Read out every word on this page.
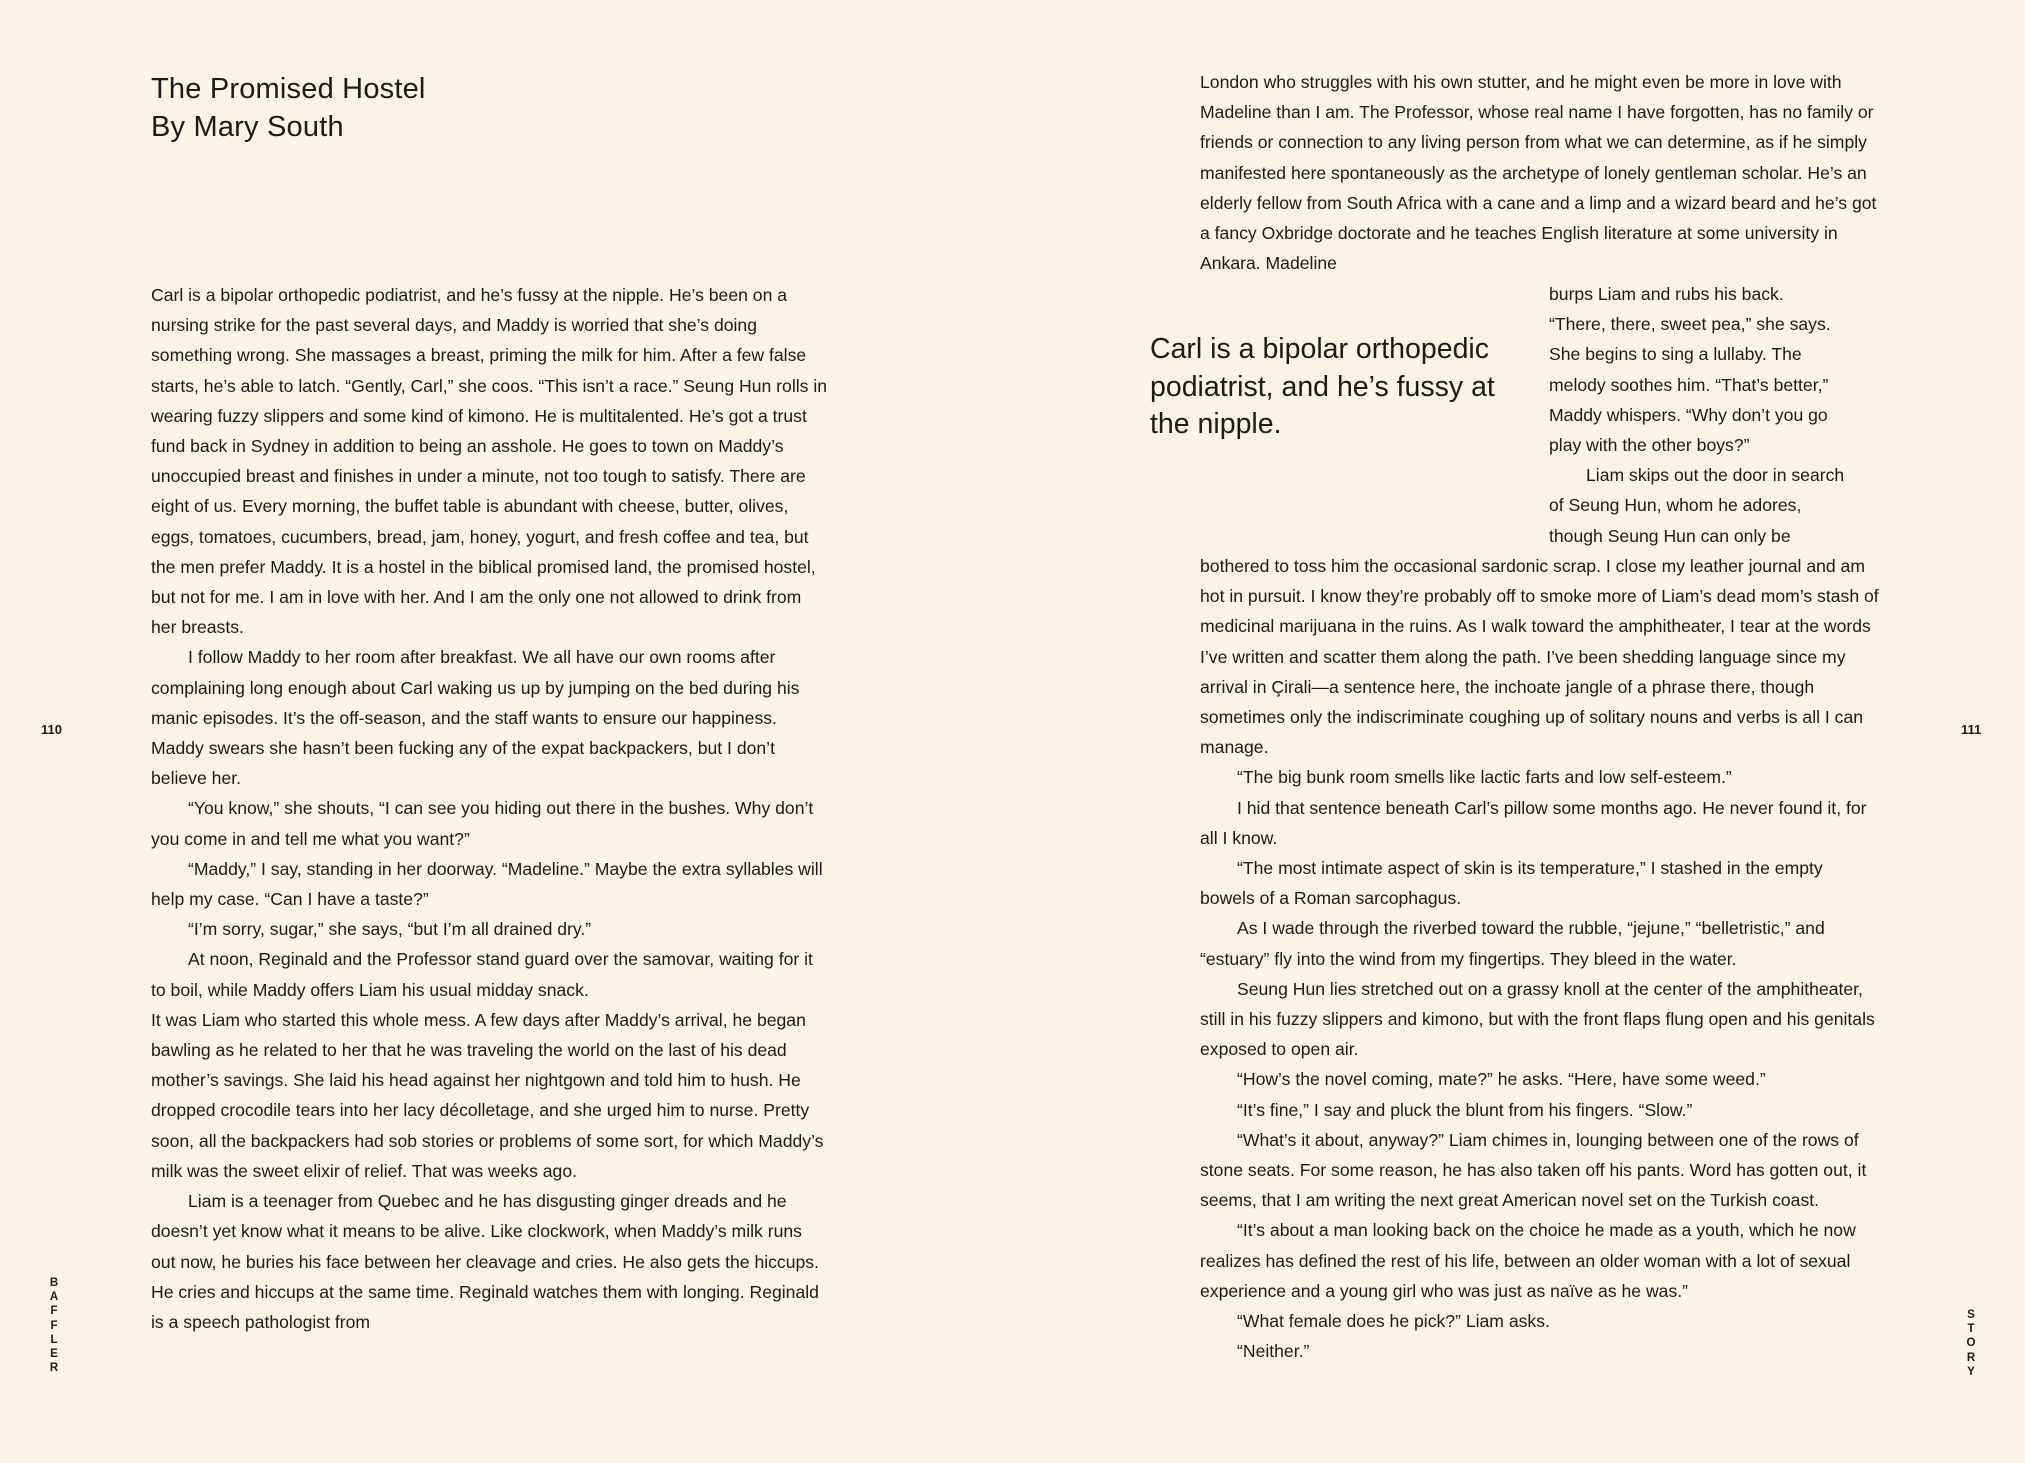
The Promised Hostel
By Mary South

Carl is a bipolar orthopedic podiatrist, and he’s fussy at the nipple. He’s been on a nursing strike for the past several days, and Maddy is worried that she’s doing something wrong. She massages a breast, priming the milk for him. After a few false starts, he’s able to latch. “Gently, Carl,” she coos. “This isn’t a race.” Seung Hun rolls in wearing fuzzy slippers and some kind of kimono. He is multitalented. He’s got a trust fund back in Sydney in addition to being an asshole. He goes to town on Maddy’s unoccupied breast and finishes in under a minute, not too tough to satisfy. There are eight of us. Every morning, the buffet table is abundant with cheese, butter, olives, eggs, tomatoes, cucumbers, bread, jam, honey, yogurt, and fresh coffee and tea, but the men prefer Maddy. It is a hostel in the biblical promised land, the promised hostel, but not for me. I am in love with her. And I am the only one not allowed to drink from her breasts.

I follow Maddy to her room after breakfast. We all have our own rooms after complaining long enough about Carl waking us up by jumping on the bed during his manic episodes. It’s the off-season, and the staff wants to ensure our happiness. Maddy swears she hasn’t been fucking any of the expat backpackers, but I don’t believe her.

“You know,” she shouts, “I can see you hiding out there in the bushes. Why don’t you come in and tell me what you want?”

“Maddy,” I say, standing in her doorway. “Madeline.” Maybe the extra syllables will help my case. “Can I have a taste?”

“I’m sorry, sugar,” she says, “but I’m all drained dry.”

At noon, Reginald and the Professor stand guard over the samovar, waiting for it to boil, while Maddy offers Liam his usual midday snack.

It was Liam who started this whole mess. A few days after Maddy’s arrival, he began bawling as he related to her that he was traveling the world on the last of his dead mother’s savings. She laid his head against her nightgown and told him to hush. He dropped crocodile tears into her lacy décolletage, and she urged him to nurse. Pretty soon, all the backpackers had sob stories or problems of some sort, for which Maddy’s milk was the sweet elixir of relief. That was weeks ago.

Liam is a teenager from Quebec and he has disgusting ginger dreads and he doesn’t yet know what it means to be alive. Like clockwork, when Maddy’s milk runs out now, he buries his face between her cleavage and cries. He also gets the hiccups. He cries and hiccups at the same time. Reginald watches them with longing. Reginald is a speech pathologist from

110
B
A
F
F
L
E
R

London who struggles with his own stutter, and he might even be more in love with Madeline than I am. The Professor, whose real name I have forgotten, has no family or friends or connection to any living person from what we can determine, as if he simply manifested here spontaneously as the archetype of lonely gentleman scholar. He’s an elderly fellow from South Africa with a cane and a limp and a wizard beard and he’s got a fancy Oxbridge doctorate and he teaches English literature at some university in Ankara. Madeline

Carl is a bipolar orthopedic podiatrist, and he’s fussy at the nipple.
burps Liam and rubs his back.
“There, there, sweet pea,” she says.
She begins to sing a lullaby. The
melody soothes him. “That’s better,”
Maddy whispers. “Why don’t you go
play with the other boys?”
Liam skips out the door in search
of Seung Hun, whom he adores,
though Seung Hun can only be

bothered to toss him the occasional sardonic scrap. I close my leather journal and am hot in pursuit. I know they’re probably off to smoke more of Liam’s dead mom’s stash of medicinal marijuana in the ruins. As I walk toward the amphitheater, I tear at the words I’ve written and scatter them along the path. I’ve been shedding language since my arrival in Çirali—a sentence here, the inchoate jangle of a phrase there, though sometimes only the indiscriminate coughing up of solitary nouns and verbs is all I can manage.

“The big bunk room smells like lactic farts and low self-esteem.”

I hid that sentence beneath Carl’s pillow some months ago. He never found it, for all I know.

“The most intimate aspect of skin is its temperature,” I stashed in the empty bowels of a Roman sarcophagus.

As I wade through the riverbed toward the rubble, “jejune,” “belletristic,” and “estuary” fly into the wind from my fingertips. They bleed in the water.

Seung Hun lies stretched out on a grassy knoll at the center of the amphitheater, still in his fuzzy slippers and kimono, but with the front flaps flung open and his genitals exposed to open air.

“How’s the novel coming, mate?” he asks. “Here, have some weed.”

“It’s fine,” I say and pluck the blunt from his fingers. “Slow.”

“What’s it about, anyway?” Liam chimes in, lounging between one of the rows of stone seats. For some reason, he has also taken off his pants. Word has gotten out, it seems, that I am writing the next great American novel set on the Turkish coast.

“It’s about a man looking back on the choice he made as a youth, which he now realizes has defined the rest of his life, between an older woman with a lot of sexual experience and a young girl who was just as naïve as he was.”

“What female does he pick?” Liam asks.

“Neither.”

111
S
T
O
R
Y
